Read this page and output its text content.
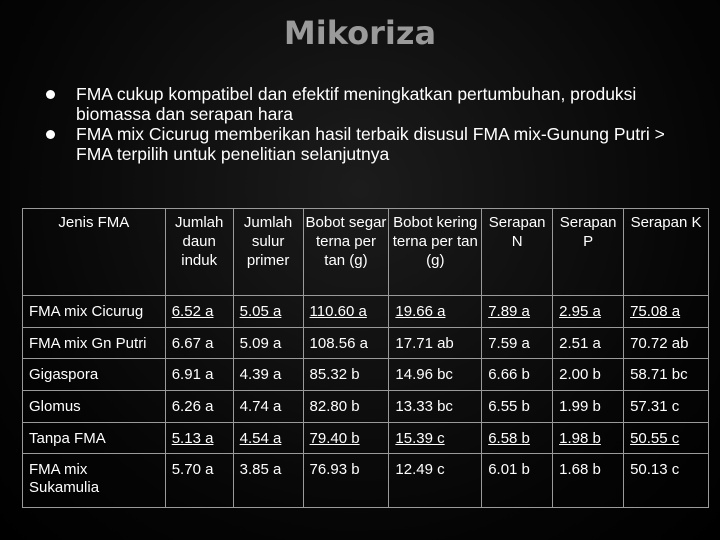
Mikoriza
FMA cukup kompatibel dan efektif meningkatkan pertumbuhan, produksi biomassa dan serapan hara
FMA mix Cicurug memberikan hasil terbaik disusul FMA mix-Gunung Putri > FMA terpilih untuk penelitian selanjutnya
Jenis FMA	Jumlah daun induk	Jumlah sulur primer	Bobot segar terna per tan (g)	Bobot kering terna per tan (g)	Serapan N	Serapan P	Serapan K
FMA mix Cicurug	6.52 a	5.05 a	110.60 a	19.66 a	7.89 a	2.95 a	75.08 a
FMA mix Gn Putri	6.67 a	5.09 a	108.56 a	17.71 ab	7.59 a	2.51 a	70.72 ab
Gigaspora	6.91 a	4.39 a	85.32 b	14.96 bc	6.66 b	2.00 b	58.71 bc
Glomus	6.26 a	4.74 a	82.80 b	13.33 bc	6.55 b	1.99 b	57.31 c
Tanpa FMA	5.13 a	4.54 a	79.40 b	15.39 c	6.58 b	1.98 b	50.55 c
FMA mix Sukamulia	5.70 a	3.85 a	76.93 b	12.49 c	6.01 b	1.68 b	50.13 c
